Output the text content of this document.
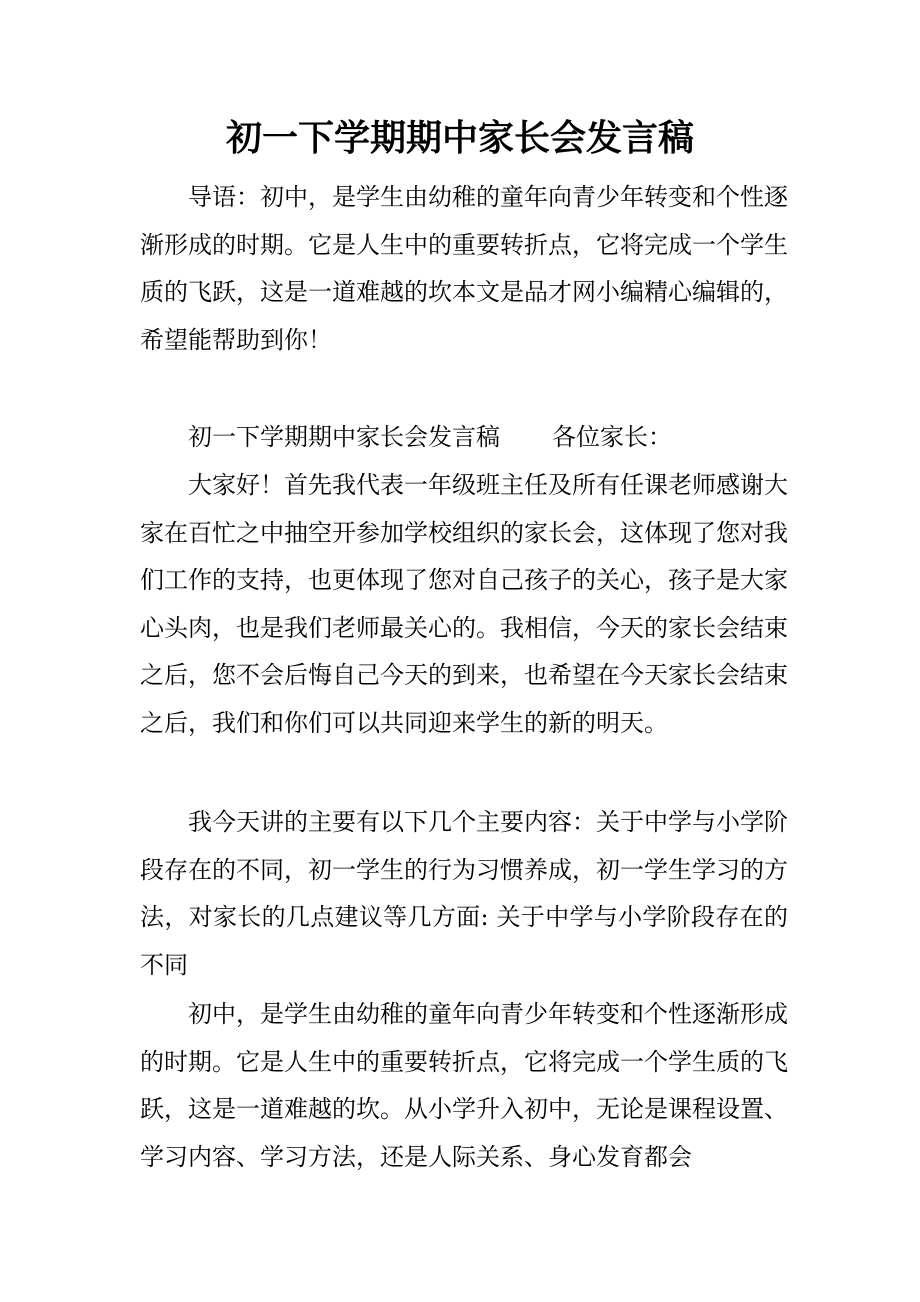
初一下学期期中家长会发言稿

导语：初中，是学生由幼稚的童年向青少年转变和个性逐渐形成的时期。它是人生中的重要转折点，它将完成一个学生质的飞跃，这是一道难越的坎本文是品才网小编精心编辑的，希望能帮助到你！

初一下学期期中家长会发言稿 各位家长：

大家好！首先我代表一年级班主任及所有任课老师感谢大家在百忙之中抽空开参加学校组织的家长会，这体现了您对我们工作的支持，也更体现了您对自己孩子的关心，孩子是大家心头肉，也是我们老师最关心的。我相信，今天的家长会结束之后，您不会后悔自己今天的到来，也希望在今天家长会结束之后，我们和你们可以共同迎来学生的新的明天。

我今天讲的主要有以下几个主要内容：关于中学与小学阶段存在的不同，初一学生的行为习惯养成，初一学生学习的方法，对家长的几点建议等几方面: 关于中学与小学阶段存在的不同

初中，是学生由幼稚的童年向青少年转变和个性逐渐形成的时期。它是人生中的重要转折点，它将完成一个学生质的飞跃，这是一道难越的坎。从小学升入初中，无论是课程设置、学习内容、学习方法，还是人际关系、身心发育都会
